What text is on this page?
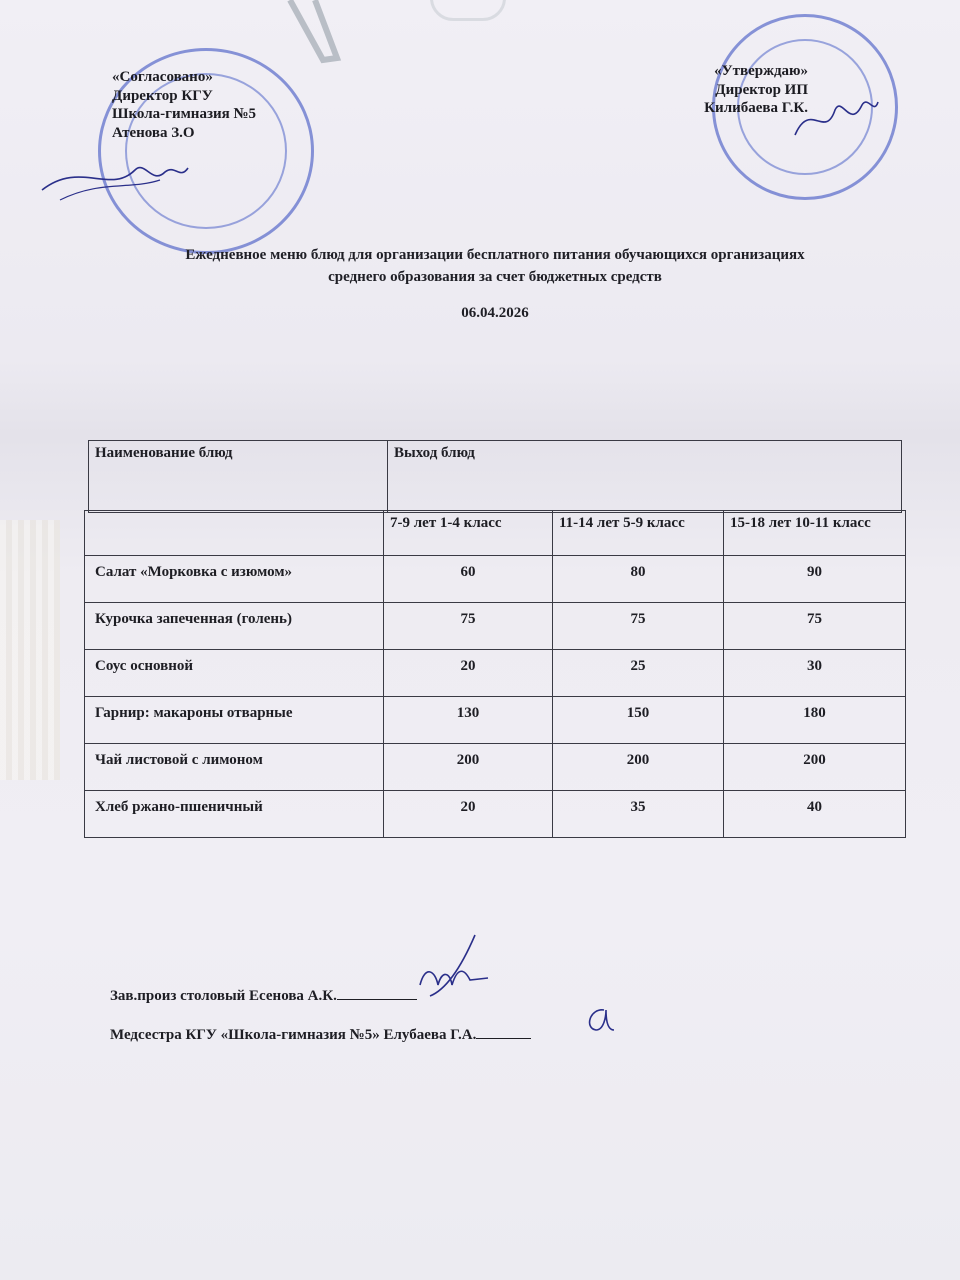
«Согласовано»
Директор КГУ
Школа-гимназия №5
Атенова З.О
«Утверждаю»
Директор ИП
Килибаева Г.К.
Ежедневное меню блюд для организации бесплатного питания обучающихся организациях
среднего образования за счет бюджетных средств
06.04.2026
Наименование блюд	Выход блюд
	7-9 лет 1-4 класс	11-14 лет 5-9 класс	15-18 лет 10-11 класс
Салат «Морковка с изюмом»	60	80	90
Курочка запеченная (голень)	75	75	75
Соус основной	20	25	30
Гарнир: макароны отварные	130	150	180
Чай листовой с лимоном	200	200	200
Хлеб ржано-пшеничный	20	35	40
Зав.произ столовый Есенова А.К.
Медсестра КГУ «Школа-гимназия №5» Елубаева Г.А.
